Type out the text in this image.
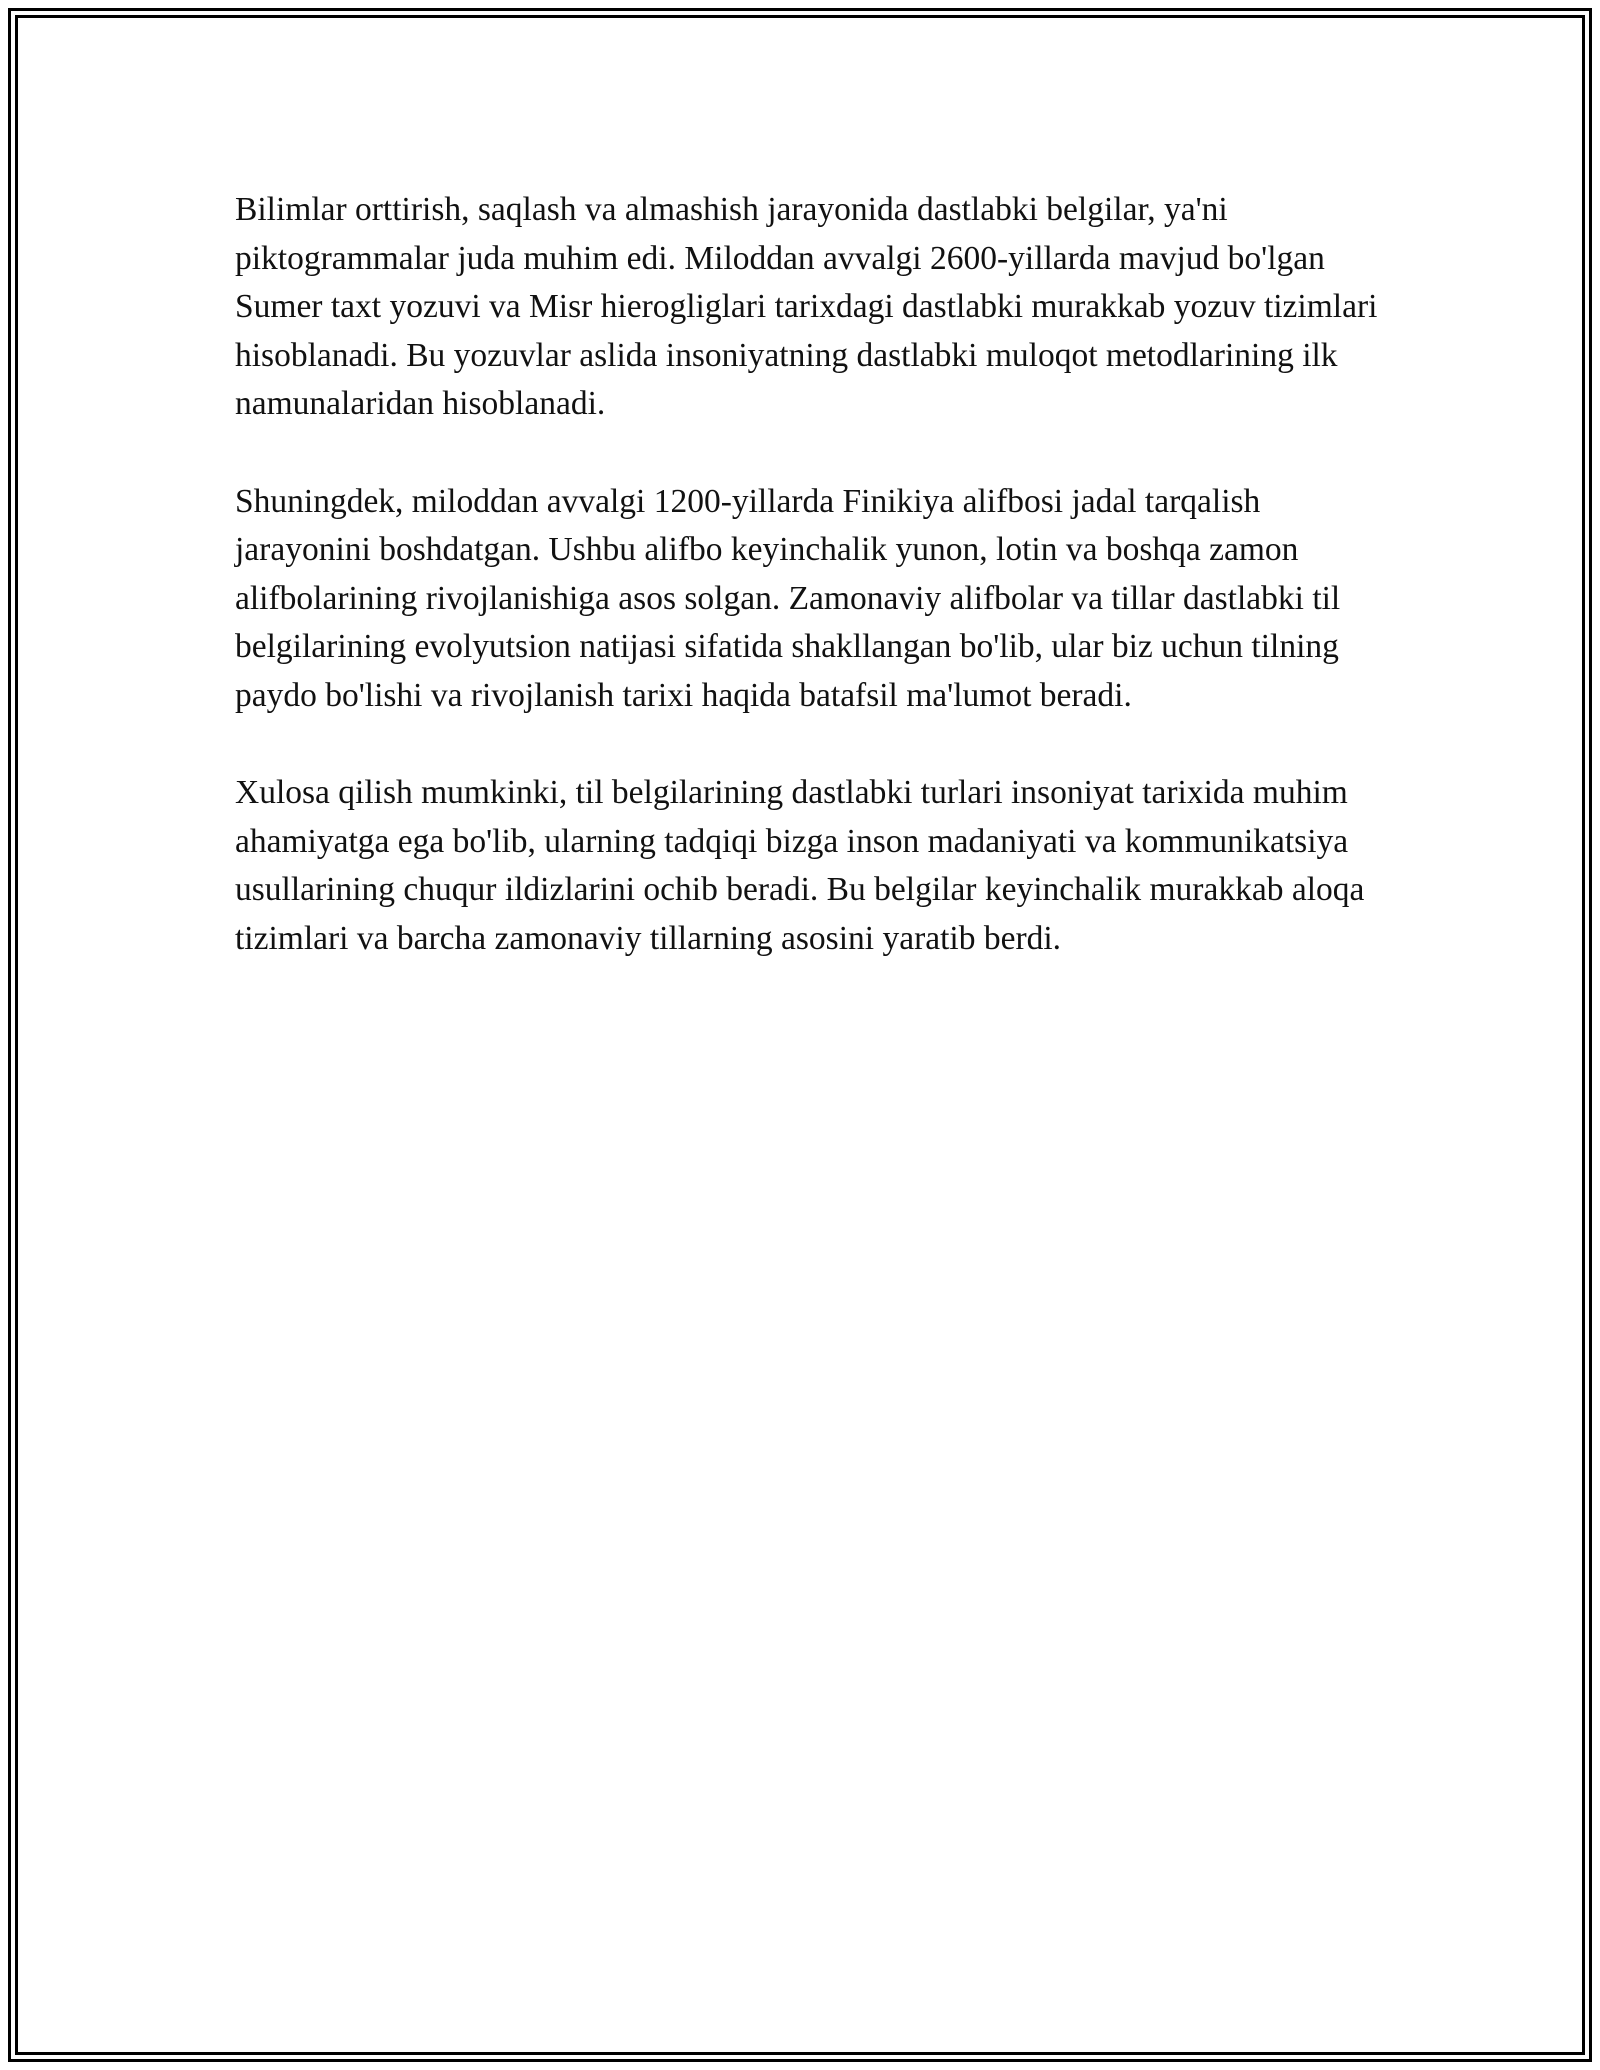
Bilimlar orttirish, saqlash va almashish jarayonida dastlabki belgilar, ya'ni piktogrammalar juda muhim edi. Miloddan avvalgi 2600-yillarda mavjud bo'lgan Sumer taxt yozuvi va Misr hierogliglari tarixdagi dastlabki murakkab yozuv tizimlari hisoblanadi. Bu yozuvlar aslida insoniyatning dastlabki muloqot metodlarining ilk namunalaridan hisoblanadi.

Shuningdek, miloddan avvalgi 1200-yillarda Finikiya alifbosi jadal tarqalish jarayonini boshdatgan. Ushbu alifbo keyinchalik yunon, lotin va boshqa zamon alifbolarining rivojlanishiga asos solgan. Zamonaviy alifbolar va tillar dastlabki til belgilarining evolyutsion natijasi sifatida shakllangan bo'lib, ular biz uchun tilning paydo bo'lishi va rivojlanish tarixi haqida batafsil ma'lumot beradi.

Xulosa qilish mumkinki, til belgilarining dastlabki turlari insoniyat tarixida muhim ahamiyatga ega bo'lib, ularning tadqiqi bizga inson madaniyati va kommunikatsiya usullarining chuqur ildizlarini ochib beradi. Bu belgilar keyinchalik murakkab aloqa tizimlari va barcha zamonaviy tillarning asosini yaratib berdi.
